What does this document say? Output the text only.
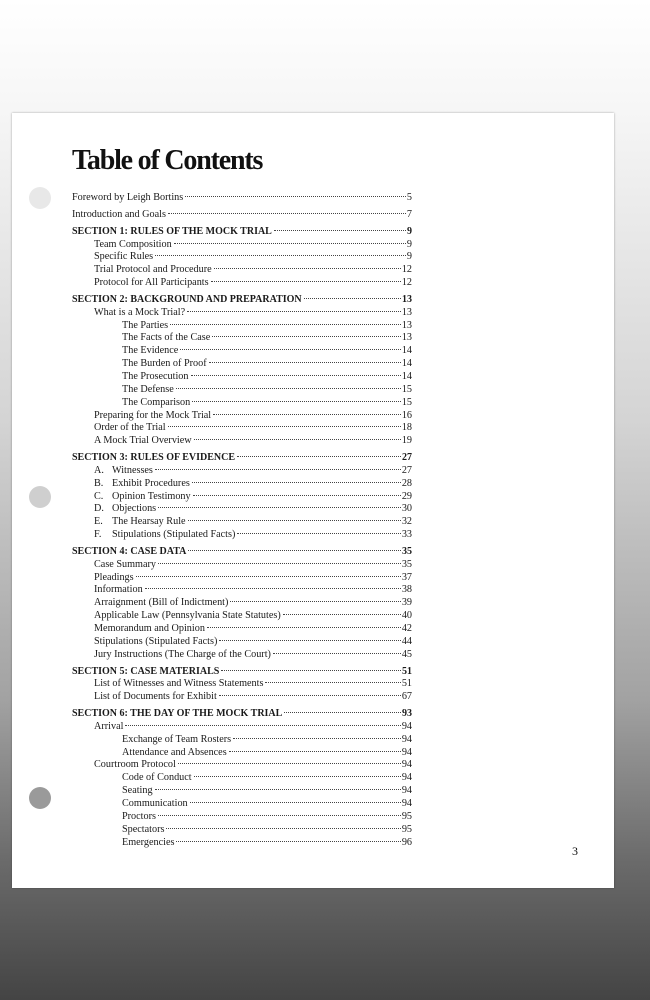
Table of Contents
Foreword by Leigh Bortins	5
Introduction and Goals	7
SECTION 1: RULES OF THE MOCK TRIAL	9
Team Composition	9
Specific Rules	9
Trial Protocol and Procedure	12
Protocol for All Participants	12
SECTION 2: BACKGROUND AND PREPARATION	13
What is a Mock Trial?	13
The Parties	13
The Facts of the Case	13
The Evidence	14
The Burden of Proof	14
The Prosecution	14
The Defense	15
The Comparison	15
Preparing for the Mock Trial	16
Order of the Trial	18
A Mock Trial Overview	19
SECTION 3: RULES OF EVIDENCE	27
A. Witnesses	27
B. Exhibit Procedures	28
C. Opinion Testimony	29
D. Objections	30
E. The Hearsay Rule	32
F.	Stipulations (Stipulated Facts)	33
SECTION 4: CASE DATA	35
Case Summary	35
Pleadings	37
Information	38
Arraignment (Bill of Indictment)	39
Applicable Law (Pennsylvania State Statutes)	40
Memorandum and Opinion	42
Stipulations (Stipulated Facts)	44
Jury Instructions (The Charge of the Court)	45
SECTION 5: CASE MATERIALS	51
List of Witnesses and Witness Statements	51
List of Documents for Exhibit	67
SECTION 6: THE DAY OF THE MOCK TRIAL	93
Arrival	94
Exchange of Team Rosters	94
Attendance and Absences	94
Courtroom Protocol	94
Code of Conduct	94
Seating	94
Communication	94
Proctors	95
Spectators	95
Emergencies	96
3
